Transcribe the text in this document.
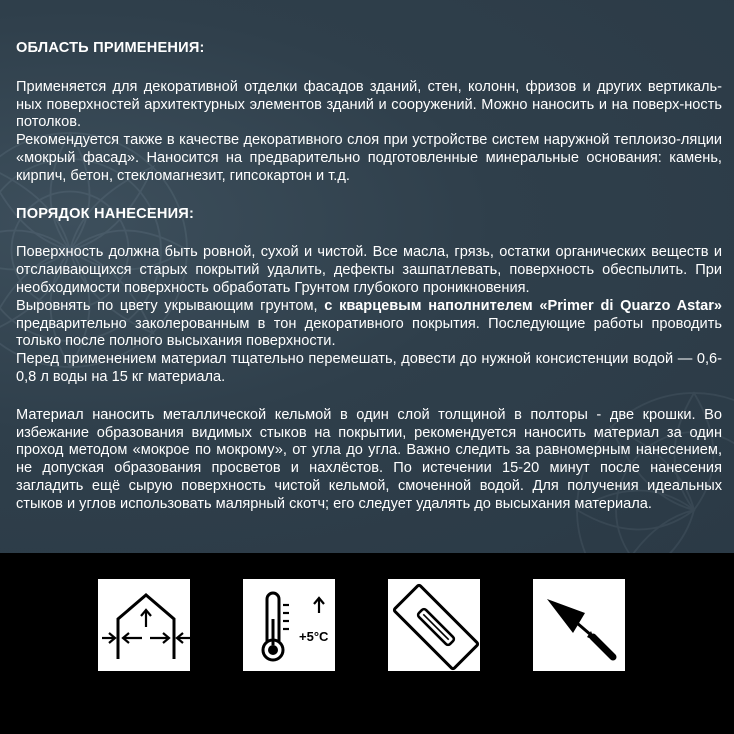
ОБЛАСТЬ ПРИМЕНЕНИЯ:

Применяется для декоративной отделки фасадов зданий, стен, колонн, фризов и других вертикаль-ных поверхностей архитектурных элементов зданий и сооружений. Можно наносить и на поверх-ность потолков.

Рекомендуется также в качестве декоративного слоя при устройстве систем наружной теплоизо-ляции «мокрый фасад». Наносится на предварительно подготовленные минеральные основания: камень, кирпич, бетон, стекломагнезит, гипсокартон и т.д.

ПОРЯДОК НАНЕСЕНИЯ:

Поверхность должна быть ровной, сухой и чистой. Все масла, грязь, остатки органических веществ и отслаивающихся старых покрытий удалить, дефекты зашпатлевать, поверхность обеспылить. При необходимости поверхность обработать Грунтом глубокого проникновения.

Выровнять по цвету укрывающим грунтом, с кварцевым наполнителем «Primer di Quarzo Astar» предварительно заколерованным в тон декоративного покрытия. Последующие работы проводить только после полного высыхания поверхности.

Перед применением материал тщательно перемешать, довести до нужной консистенции водой — 0,6-0,8 л воды на 15 кг материала.

Материал наносить металлической кельмой в один слой толщиной в полторы - две крошки. Во избежание образования видимых стыков на покрытии, рекомендуется наносить материал за один проход методом «мокрое по мокрому», от угла до угла. Важно следить за равномерным нанесением, не допуская образования просветов и нахлёстов. По истечении 15-20 минут после нанесения загладить ещё сырую поверхность чистой кельмой, смоченной водой. Для получения идеальных стыков и углов использовать малярный скотч; его следует удалять до высыхания материала.

+5°C
